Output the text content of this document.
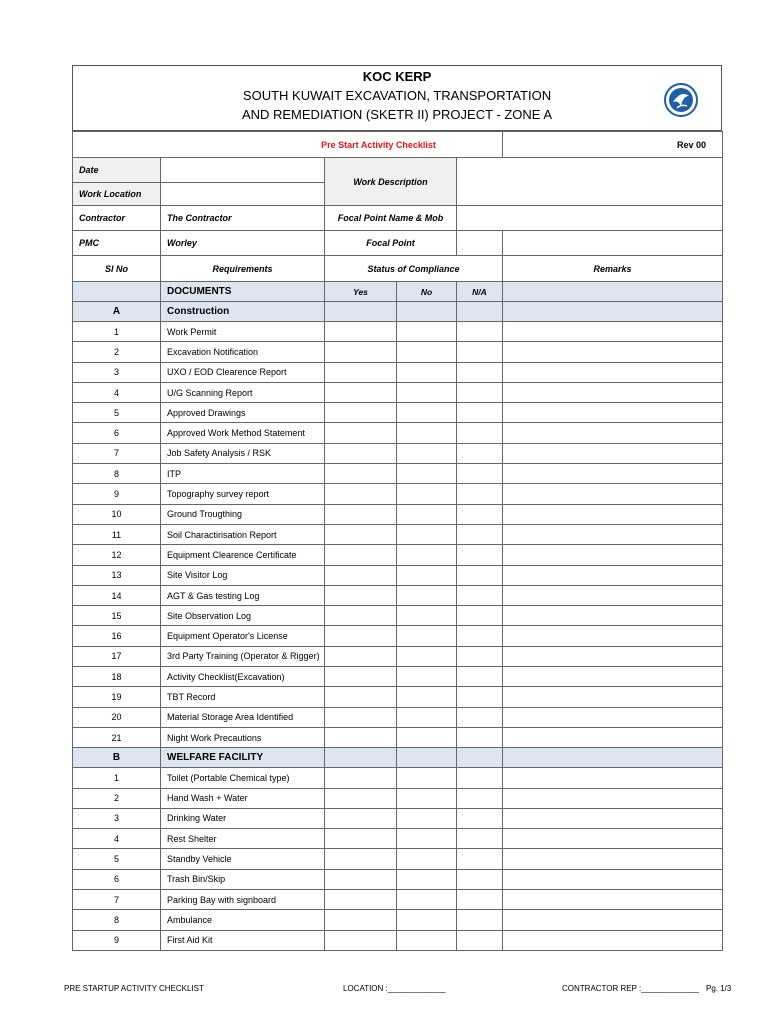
KOC KERP
SOUTH KUWAIT EXCAVATION, TRANSPORTATION
AND REMEDIATION (SKETR II) PROJECT - ZONE A
Pre Start Activity Checklist					Rev 00
Date		Work Description			
Work Location					
Contractor	The Contractor	Focal Point Name & Mob			
PMC	Worley	Focal Point			
Sl No	Requirements	Status of Compliance			Remarks
	DOCUMENTS	Yes	No	N/A	
A	Construction				
1	Work Permit				
2	Excavation Notification				
3	UXO / EOD Clearence Report				
4	U/G Scanning Report				
5	Approved Drawings				
6	Approved Work Method Statement				
7	Job Safety Analysis / RSK				
8	ITP				
9	Topography survey report				
10	Ground Trougthing				
11	Soil Charactirisation Report				
12	Equipment Clearence Certificate				
13	Site Visitor Log				
14	AGT & Gas testing Log				
15	Site Observation Log				
16	Equipment Operator's License				
17	3rd Party Training (Operator & Rigger)				
18	Activity Checklist(Excavation)				
19	TBT Record				
20	Material Storage Area Identified				
21	Night Work Precautions				
B	WELFARE FACILITY				
1	Toilet (Portable Chemical type)				
2	Hand Wash + Water				
3	Drinking Water				
4	Rest Shelter				
5	Standby Vehicle				
6	Trash Bin/Skip				
7	Parking Bay with signboard				
8	Ambulance				
9	First Aid Kit				
PRE STARTUP ACTIVITY CHECKLIST	LOCATION :_____________	CONTRACTOR REP :_____________ Pg. 1/3
